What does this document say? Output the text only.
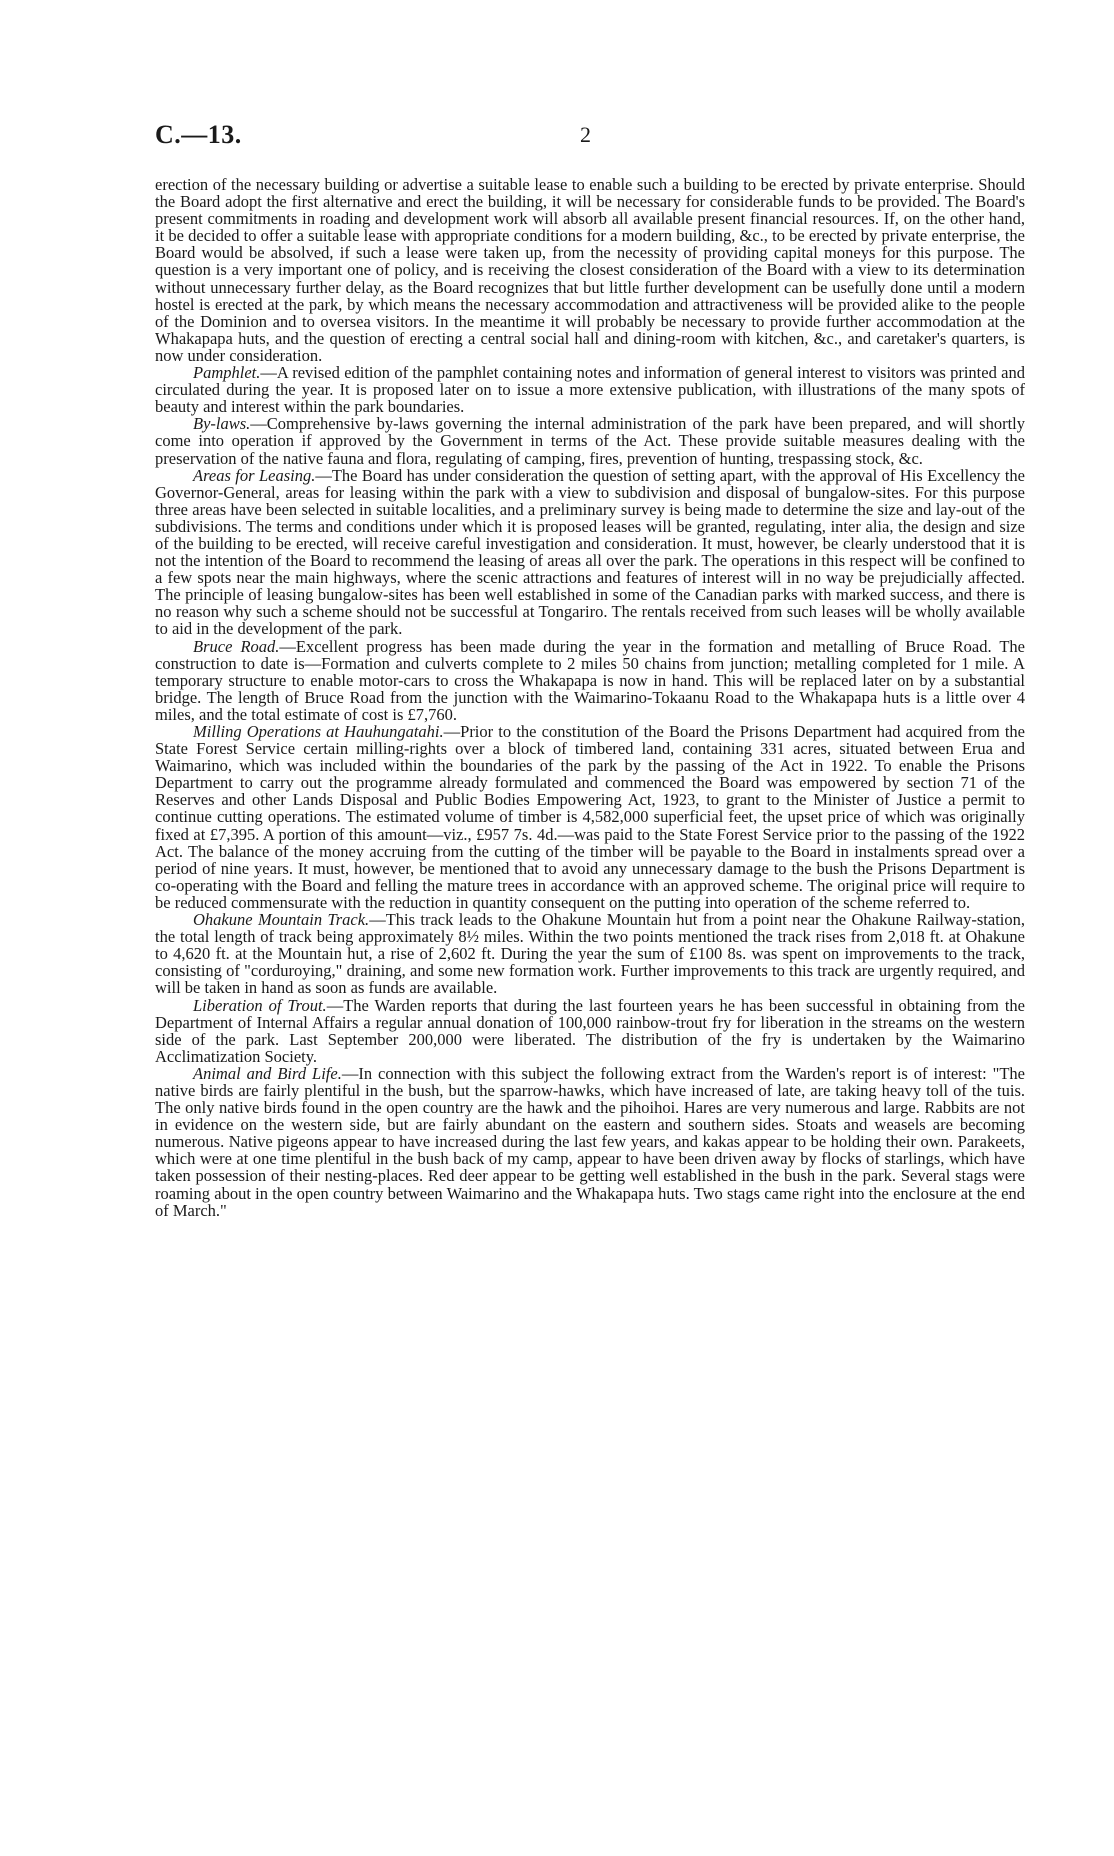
C.—13.	2

erection of the necessary building or advertise a suitable lease to enable such a building to be erected by private enterprise. Should the Board adopt the first alternative and erect the building, it will be necessary for considerable funds to be provided. The Board's present commitments in roading and development work will absorb all available present financial resources. If, on the other hand, it be decided to offer a suitable lease with appropriate conditions for a modern building, &c., to be erected by private enterprise, the Board would be absolved, if such a lease were taken up, from the necessity of providing capital moneys for this purpose. The question is a very important one of policy, and is receiving the closest consideration of the Board with a view to its determination without unnecessary further delay, as the Board recognizes that but little further development can be usefully done until a modern hostel is erected at the park, by which means the necessary accommodation and attractiveness will be provided alike to the people of the Dominion and to oversea visitors. In the meantime it will probably be necessary to provide further accommodation at the Whakapapa huts, and the question of erecting a central social hall and dining-room with kitchen, &c., and caretaker's quarters, is now under consideration.

Pamphlet.—A revised edition of the pamphlet containing notes and information of general interest to visitors was printed and circulated during the year. It is proposed later on to issue a more extensive publication, with illustrations of the many spots of beauty and interest within the park boundaries.

By-laws.—Comprehensive by-laws governing the internal administration of the park have been prepared, and will shortly come into operation if approved by the Government in terms of the Act. These provide suitable measures dealing with the preservation of the native fauna and flora, regulating of camping, fires, prevention of hunting, trespassing stock, &c.

Areas for Leasing.—The Board has under consideration the question of setting apart, with the approval of His Excellency the Governor-General, areas for leasing within the park with a view to subdivision and disposal of bungalow-sites. For this purpose three areas have been selected in suitable localities, and a preliminary survey is being made to determine the size and lay-out of the subdivisions. The terms and conditions under which it is proposed leases will be granted, regulating, inter alia, the design and size of the building to be erected, will receive careful investigation and consideration. It must, however, be clearly understood that it is not the intention of the Board to recommend the leasing of areas all over the park. The operations in this respect will be confined to a few spots near the main highways, where the scenic attractions and features of interest will in no way be prejudicially affected. The principle of leasing bungalow-sites has been well established in some of the Canadian parks with marked success, and there is no reason why such a scheme should not be successful at Tongariro. The rentals received from such leases will be wholly available to aid in the development of the park.

Bruce Road.—Excellent progress has been made during the year in the formation and metalling of Bruce Road. The construction to date is—Formation and culverts complete to 2 miles 50 chains from junction; metalling completed for 1 mile. A temporary structure to enable motor-cars to cross the Whakapapa is now in hand. This will be replaced later on by a substantial bridge. The length of Bruce Road from the junction with the Waimarino-Tokaanu Road to the Whakapapa huts is a little over 4 miles, and the total estimate of cost is £7,760.

Milling Operations at Hauhungatahi.—Prior to the constitution of the Board the Prisons Department had acquired from the State Forest Service certain milling-rights over a block of timbered land, containing 331 acres, situated between Erua and Waimarino, which was included within the boundaries of the park by the passing of the Act in 1922. To enable the Prisons Department to carry out the programme already formulated and commenced the Board was empowered by section 71 of the Reserves and other Lands Disposal and Public Bodies Empowering Act, 1923, to grant to the Minister of Justice a permit to continue cutting operations. The estimated volume of timber is 4,582,000 superficial feet, the upset price of which was originally fixed at £7,395. A portion of this amount—viz., £957 7s. 4d.—was paid to the State Forest Service prior to the passing of the 1922 Act. The balance of the money accruing from the cutting of the timber will be payable to the Board in instalments spread over a period of nine years. It must, however, be mentioned that to avoid any unnecessary damage to the bush the Prisons Department is co-operating with the Board and felling the mature trees in accordance with an approved scheme. The original price will require to be reduced commensurate with the reduction in quantity consequent on the putting into operation of the scheme referred to.

Ohakune Mountain Track.—This track leads to the Ohakune Mountain hut from a point near the Ohakune Railway-station, the total length of track being approximately 8½ miles. Within the two points mentioned the track rises from 2,018 ft. at Ohakune to 4,620 ft. at the Mountain hut, a rise of 2,602 ft. During the year the sum of £100 8s. was spent on improvements to the track, consisting of "corduroying," draining, and some new formation work. Further improvements to this track are urgently required, and will be taken in hand as soon as funds are available.

Liberation of Trout.—The Warden reports that during the last fourteen years he has been successful in obtaining from the Department of Internal Affairs a regular annual donation of 100,000 rainbow-trout fry for liberation in the streams on the western side of the park. Last September 200,000 were liberated. The distribution of the fry is undertaken by the Waimarino Acclimatization Society.

Animal and Bird Life.—In connection with this subject the following extract from the Warden's report is of interest: "The native birds are fairly plentiful in the bush, but the sparrow-hawks, which have increased of late, are taking heavy toll of the tuis. The only native birds found in the open country are the hawk and the pihoihoi. Hares are very numerous and large. Rabbits are not in evidence on the western side, but are fairly abundant on the eastern and southern sides. Stoats and weasels are becoming numerous. Native pigeons appear to have increased during the last few years, and kakas appear to be holding their own. Parakeets, which were at one time plentiful in the bush back of my camp, appear to have been driven away by flocks of starlings, which have taken possession of their nesting-places. Red deer appear to be getting well established in the bush in the park. Several stags were roaming about in the open country between Waimarino and the Whakapapa huts. Two stags came right into the enclosure at the end of March."
